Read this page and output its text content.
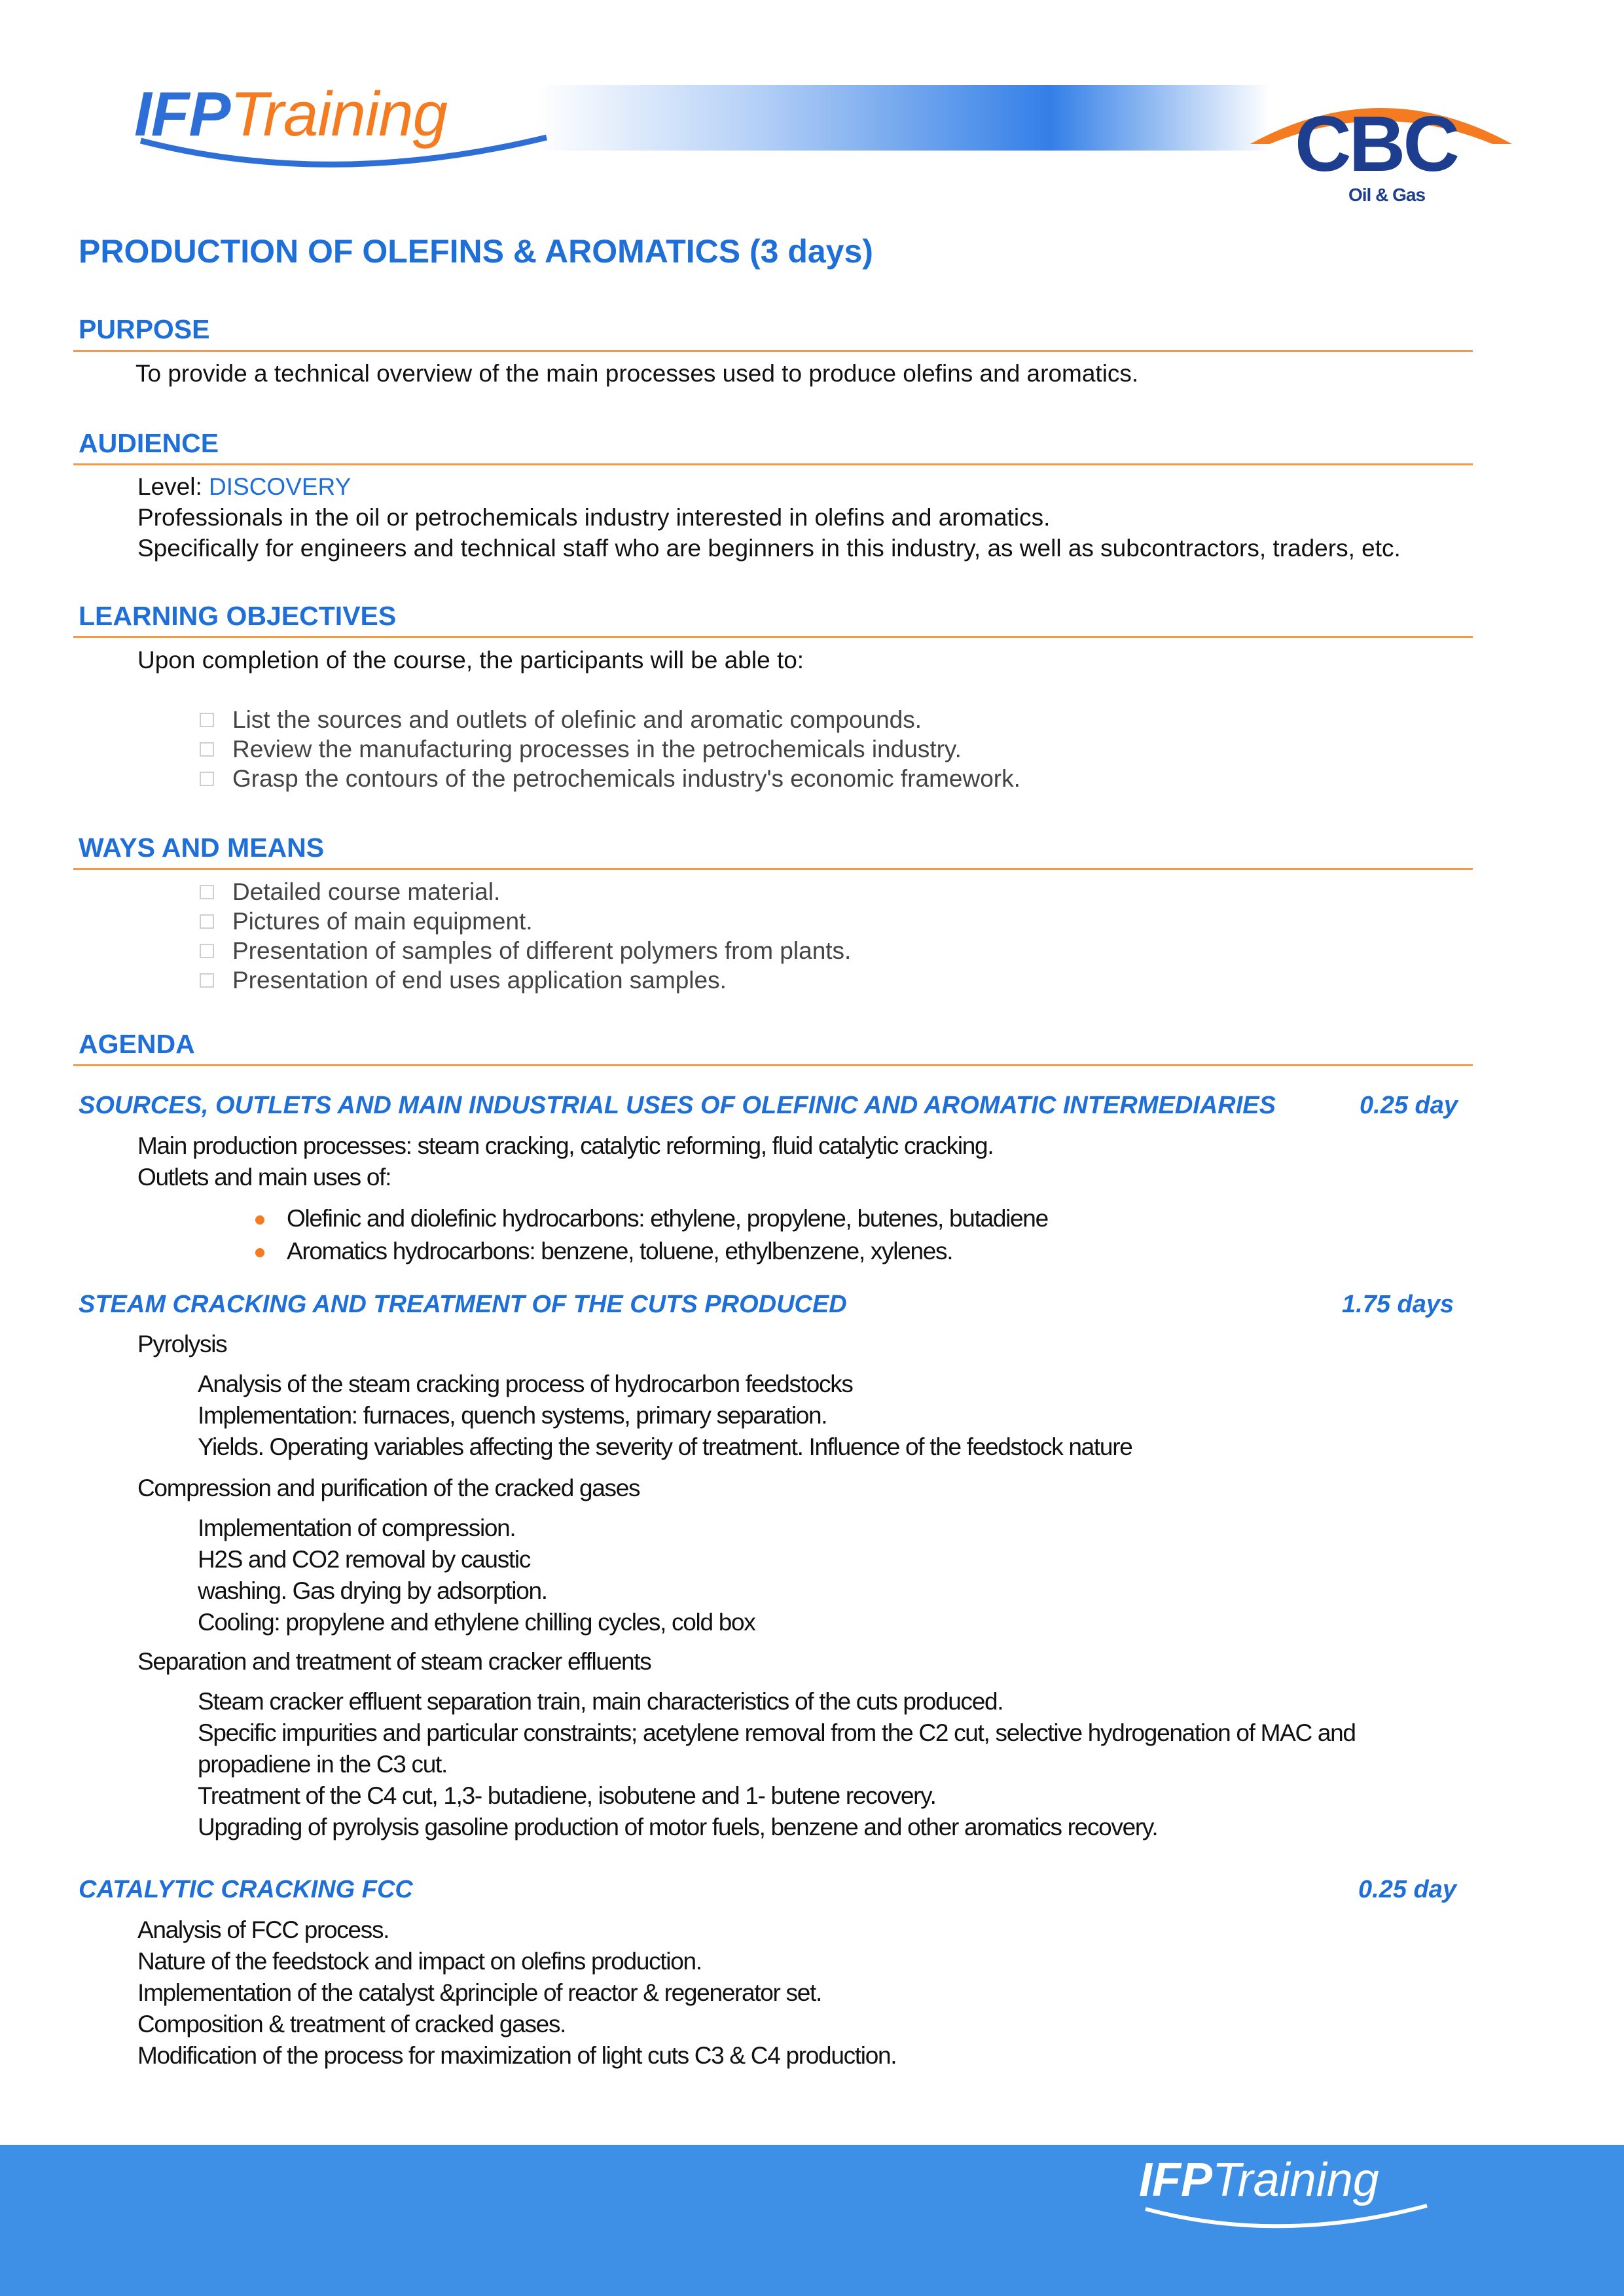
IFPTraining	CBC
Oil & Gas
PRODUCTION OF OLEFINS & AROMATICS (3 days)
PURPOSE
To provide a technical overview of the main processes used to produce olefins and aromatics.
AUDIENCE
Level: DISCOVERY
Professionals in the oil or petrochemicals industry interested in olefins and aromatics.
Specifically for engineers and technical staff who are beginners in this industry, as well as subcontractors, traders, etc.
LEARNING OBJECTIVES
Upon completion of the course, the participants will be able to:
List the sources and outlets of olefinic and aromatic compounds.
Review the manufacturing processes in the petrochemicals industry.
Grasp the contours of the petrochemicals industry's economic framework.
WAYS AND MEANS
Detailed course material.
Pictures of main equipment.
Presentation of samples of different polymers from plants.
Presentation of end uses application samples.
AGENDA
SOURCES, OUTLETS AND MAIN INDUSTRIAL USES OF OLEFINIC AND AROMATIC INTERMEDIARIES	0.25 day
Main production processes: steam cracking, catalytic reforming, fluid catalytic cracking.
Outlets and main uses of:
Olefinic and diolefinic hydrocarbons: ethylene, propylene, butenes, butadiene
Aromatics hydrocarbons: benzene, toluene, ethylbenzene, xylenes.
STEAM CRACKING AND TREATMENT OF THE CUTS PRODUCED	1.75 days
Pyrolysis
Analysis of the steam cracking process of hydrocarbon feedstocks
Implementation: furnaces, quench systems, primary separation.
Yields. Operating variables affecting the severity of treatment. Influence of the feedstock nature
Compression and purification of the cracked gases
Implementation of compression.
H2S and CO2 removal by caustic
washing. Gas drying by adsorption.
Cooling: propylene and ethylene chilling cycles, cold box
Separation and treatment of steam cracker effluents
Steam cracker effluent separation train, main characteristics of the cuts produced.
Specific impurities and particular constraints; acetylene removal from the C2 cut, selective hydrogenation of MAC and
propadiene in the C3 cut.
Treatment of the C4 cut, 1,3- butadiene, isobutene and 1- butene recovery.
Upgrading of pyrolysis gasoline production of motor fuels, benzene and other aromatics recovery.
CATALYTIC CRACKING FCC	0.25 day
Analysis of FCC process.
Nature of the feedstock and impact on olefins production.
Implementation of the catalyst &principle of reactor & regenerator set.
Composition & treatment of cracked gases.
Modification of the process for maximization of light cuts C3 & C4 production.
IFPTraining
